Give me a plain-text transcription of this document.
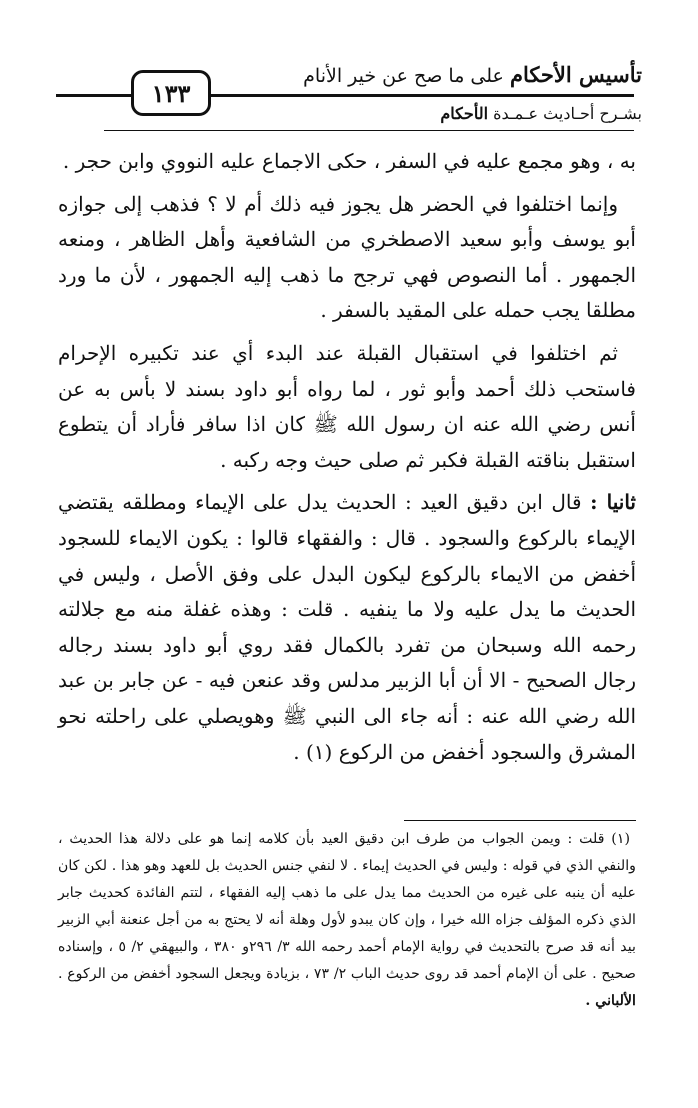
تأسيس الأحكام على ما صح عن خير الأنام
١٣٣
بشـرح أحـاديث عـمـدة الأحكام

به ، وهو مجمع عليه في السفر ، حكى الاجماع عليه النووي وابن حجر .

وإنما اختلفوا في الحضر هل يجوز فيه ذلك أم لا ؟ فذهب إلى جوازه أبو يوسف وأبو سعيد الاصطخري من الشافعية وأهل الظاهر ، ومنعه الجمهور . أما النصوص فهي ترجح ما ذهب إليه الجمهور ، لأن ما ورد مطلقا يجب حمله على المقيد بالسفر .

ثم اختلفوا في استقبال القبلة عند البدء أي عند تكبيره الإحرام فاستحب ذلك أحمد وأبو ثور ، لما رواه أبو داود بسند لا بأس به عن أنس رضي الله عنه ان رسول الله ﷺ كان اذا سافر فأراد أن يتطوع استقبل بناقته القبلة فكبر ثم صلى حيث وجه ركبه .

ثانيا : قال ابن دقيق العيد : الحديث يدل على الإيماء ومطلقه يقتضي الإيماء بالركوع والسجود . قال : والفقهاء قالوا : يكون الايماء للسجود أخفض من الايماء بالركوع ليكون البدل على وفق الأصل ، وليس في الحديث ما يدل عليه ولا ما ينفيه . قلت : وهذه غفلة منه مع جلالته رحمه الله وسبحان من تفرد بالكمال فقد روي أبو داود بسند رجاله رجال الصحيح - الا أن أبا الزبير مدلس وقد عنعن فيه - عن جابر بن عبد الله رضي الله عنه : أنه جاء الى النبي ﷺ وهويصلي على راحلته نحو المشرق والسجود أخفض من الركوع (١) .

(١) قلت : ويمن الجواب من طرف ابن دقيق العيد بأن كلامه إنما هو على دلالة هذا الحديث ، والنفي الذي في قوله : وليس في الحديث إيماء . لا لنفي جنس الحديث بل للعهد وهو هذا . لكن كان عليه أن ينبه على غيره من الحديث مما يدل على ما ذهب إليه الفقهاء ، لتتم الفائدة كحديث جابر الذي ذكره المؤلف جزاه الله خيرا ، وإن كان يبدو لأول وهلة أنه لا يحتج به من أجل عنعنة أبي الزبير بيد أنه قد صرح بالتحديث في رواية الإمام أحمد رحمه الله ٣/ ٢٩٦و ٣٨٠ ، والبيهقي ٢/ ٥ ، وإسناده صحيح . على أن الإمام أحمد قد روى حديث الباب ٢/ ٧٣ ، بزيادة ويجعل السجود أخفض من الركوع . الألباني .
